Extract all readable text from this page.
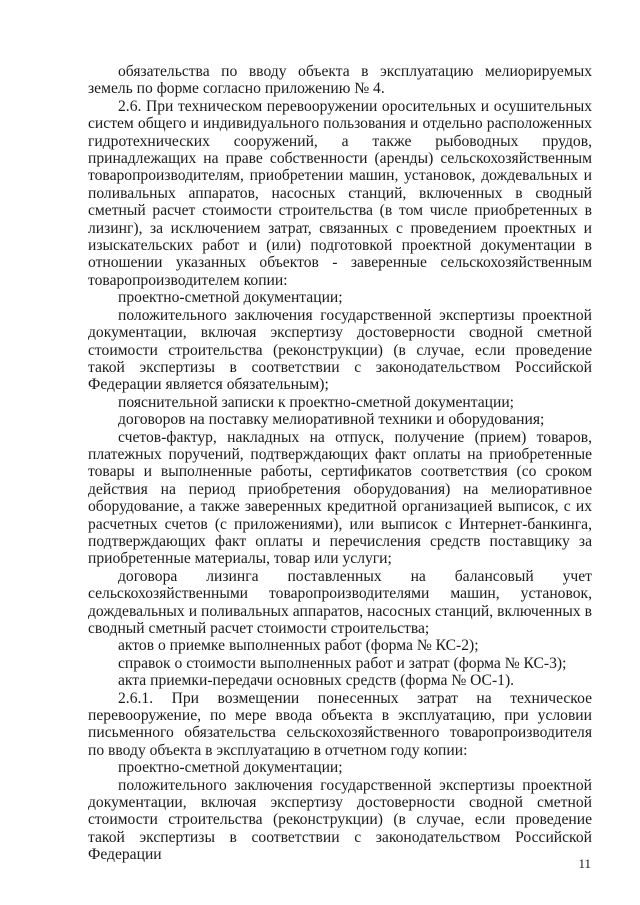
обязательства по вводу объекта в эксплуатацию мелиорируемых земель по форме согласно приложению № 4.

2.6. При техническом перевооружении оросительных и осушительных систем общего и индивидуального пользования и отдельно расположенных гидротехнических сооружений, а также рыбоводных прудов, принадлежащих на праве собственности (аренды) сельскохозяйственным товаропроизводителям, приобретении машин, установок, дождевальных и поливальных аппаратов, насосных станций, включенных в сводный сметный расчет стоимости строительства (в том числе приобретенных в лизинг), за исключением затрат, связанных с проведением проектных и изыскательских работ и (или) подготовкой проектной документации в отношении указанных объектов - заверенные сельскохозяйственным товаропроизводителем копии:

проектно-сметной документации;

положительного заключения государственной экспертизы проектной документации, включая экспертизу достоверности сводной сметной стоимости строительства (реконструкции) (в случае, если проведение такой экспертизы в соответствии с законодательством Российской Федерации является обязательным);

пояснительной записки к проектно-сметной документации;

договоров на поставку мелиоративной техники и оборудования;

счетов-фактур, накладных на отпуск, получение (прием) товаров, платежных поручений, подтверждающих факт оплаты на приобретенные товары и выполненные работы, сертификатов соответствия (со сроком действия на период приобретения оборудования) на мелиоративное оборудование, а также заверенных кредитной организацией выписок, с их расчетных счетов (с приложениями), или выписок с Интернет-банкинга, подтверждающих факт оплаты и перечисления средств поставщику за приобретенные материалы, товар или услуги;

договора лизинга поставленных на балансовый учет сельскохозяйственными товаропроизводителями машин, установок, дождевальных и поливальных аппаратов, насосных станций, включенных в сводный сметный расчет стоимости строительства;

актов о приемке выполненных работ (форма № КС-2);

справок о стоимости выполненных работ и затрат (форма № КС-3);

акта приемки-передачи основных средств (форма № ОС-1).

2.6.1. При возмещении понесенных затрат на техническое перевооружение, по мере ввода объекта в эксплуатацию, при условии письменного обязательства сельскохозяйственного товаропроизводителя по вводу объекта в эксплуатацию в отчетном году копии:

проектно-сметной документации;

положительного заключения государственной экспертизы проектной документации, включая экспертизу достоверности сводной сметной стоимости строительства (реконструкции) (в случае, если проведение такой экспертизы в соответствии с законодательством Российской Федерации

11
